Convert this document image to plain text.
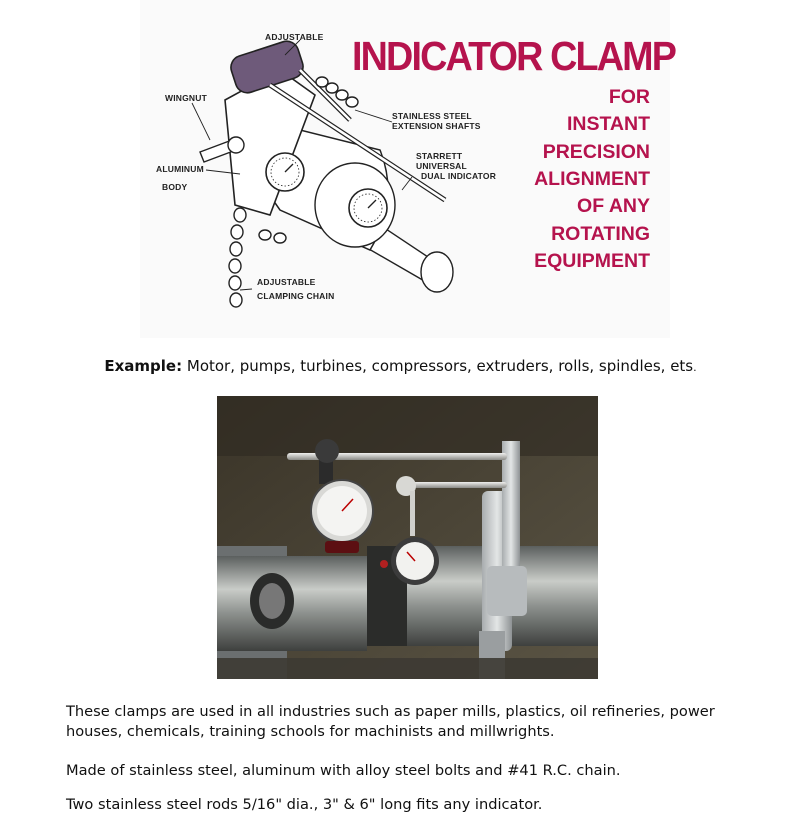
ADJUSTABLE
WINGNUT
STAINLESS STEEL
EXTENSION SHAFTS
STARRETT
UNIVERSAL
DUAL INDICATOR
ALUMINUM
BODY
ADJUSTABLE
CLAMPING CHAIN
INDICATOR CLAMP
FOR
INSTANT
PRECISION
ALIGNMENT
OF ANY
ROTATING
EQUIPMENT
Example: Motor, pumps, turbines, compressors, extruders, rolls, spindles, ets.
These clamps are used in all industries such as paper mills, plastics, oil refineries, power houses, chemicals, training schools for machinists and millwrights.
Made of stainless steel, aluminum with alloy steel bolts and #41 R.C. chain.
Two stainless steel rods 5/16" dia., 3" & 6" long fits any indicator.
